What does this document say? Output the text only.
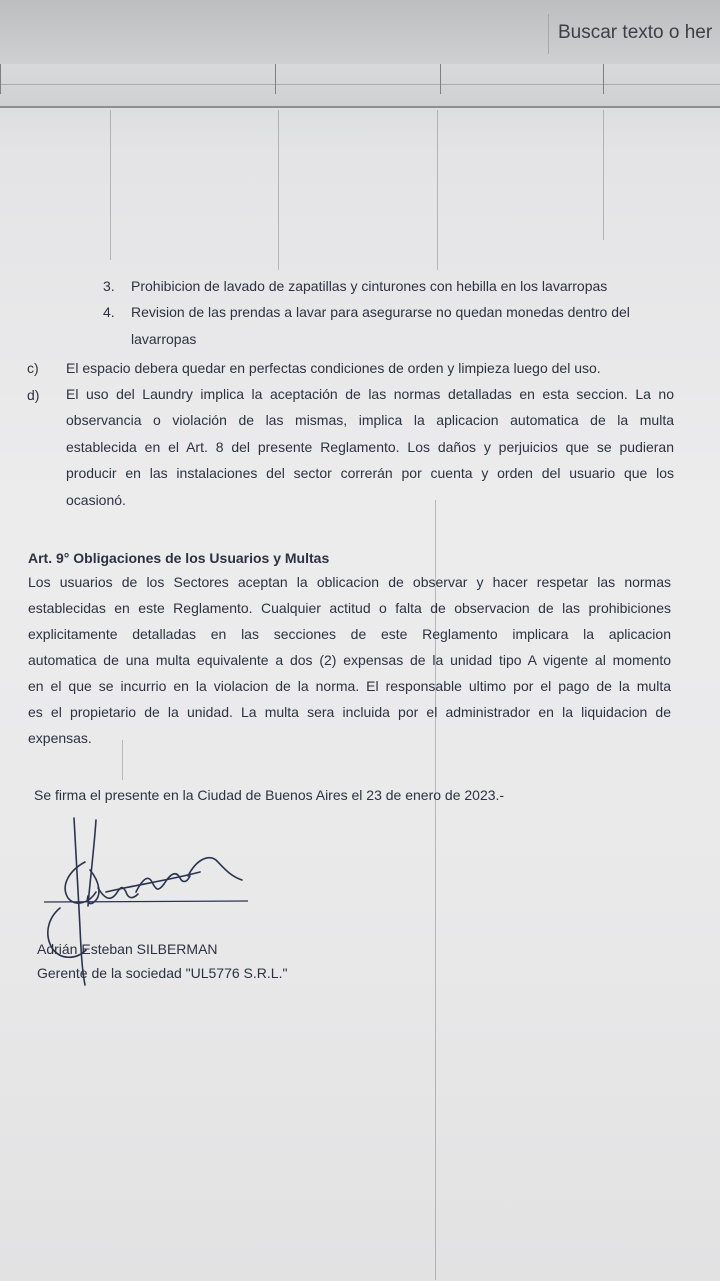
Buscar texto o her
3. Prohibicion de lavado de zapatillas y cinturones con hebilla en los lavarropas
4. Revision de las prendas a lavar para asegurarse no quedan monedas dentro del
lavarropas
c) El espacio debera quedar en perfectas condiciones de orden y limpieza luego del uso.
d) El uso del Laundry implica la aceptación de las normas detalladas en esta seccion. La no
observancia o violación de las mismas, implica la aplicacion automatica de la multa
establecida en el Art. 8 del presente Reglamento. Los daños y perjuicios que se pudieran
producir en las instalaciones del sector correrán por cuenta y orden del usuario que los
ocasionó.
Art. 9° Obligaciones de los Usuarios y Multas
Los usuarios de los Sectores aceptan la oblicacion de observar y hacer respetar las normas
establecidas en este Reglamento. Cualquier actitud o falta de observacion de las prohibiciones
explicitamente detalladas en las secciones de este Reglamento implicara la aplicacion
automatica de una multa equivalente a dos (2) expensas de la unidad tipo A vigente al momento
en el que se incurrio en la violacion de la norma. El responsable ultimo por el pago de la multa
es el propietario de la unidad. La multa sera incluida por el administrador en la liquidacion de
expensas.
Se firma el presente en la Ciudad de Buenos Aires el 23 de enero de 2023.-
Adrián Esteban SILBERMAN
Gerente de la sociedad "UL5776 S.R.L."
